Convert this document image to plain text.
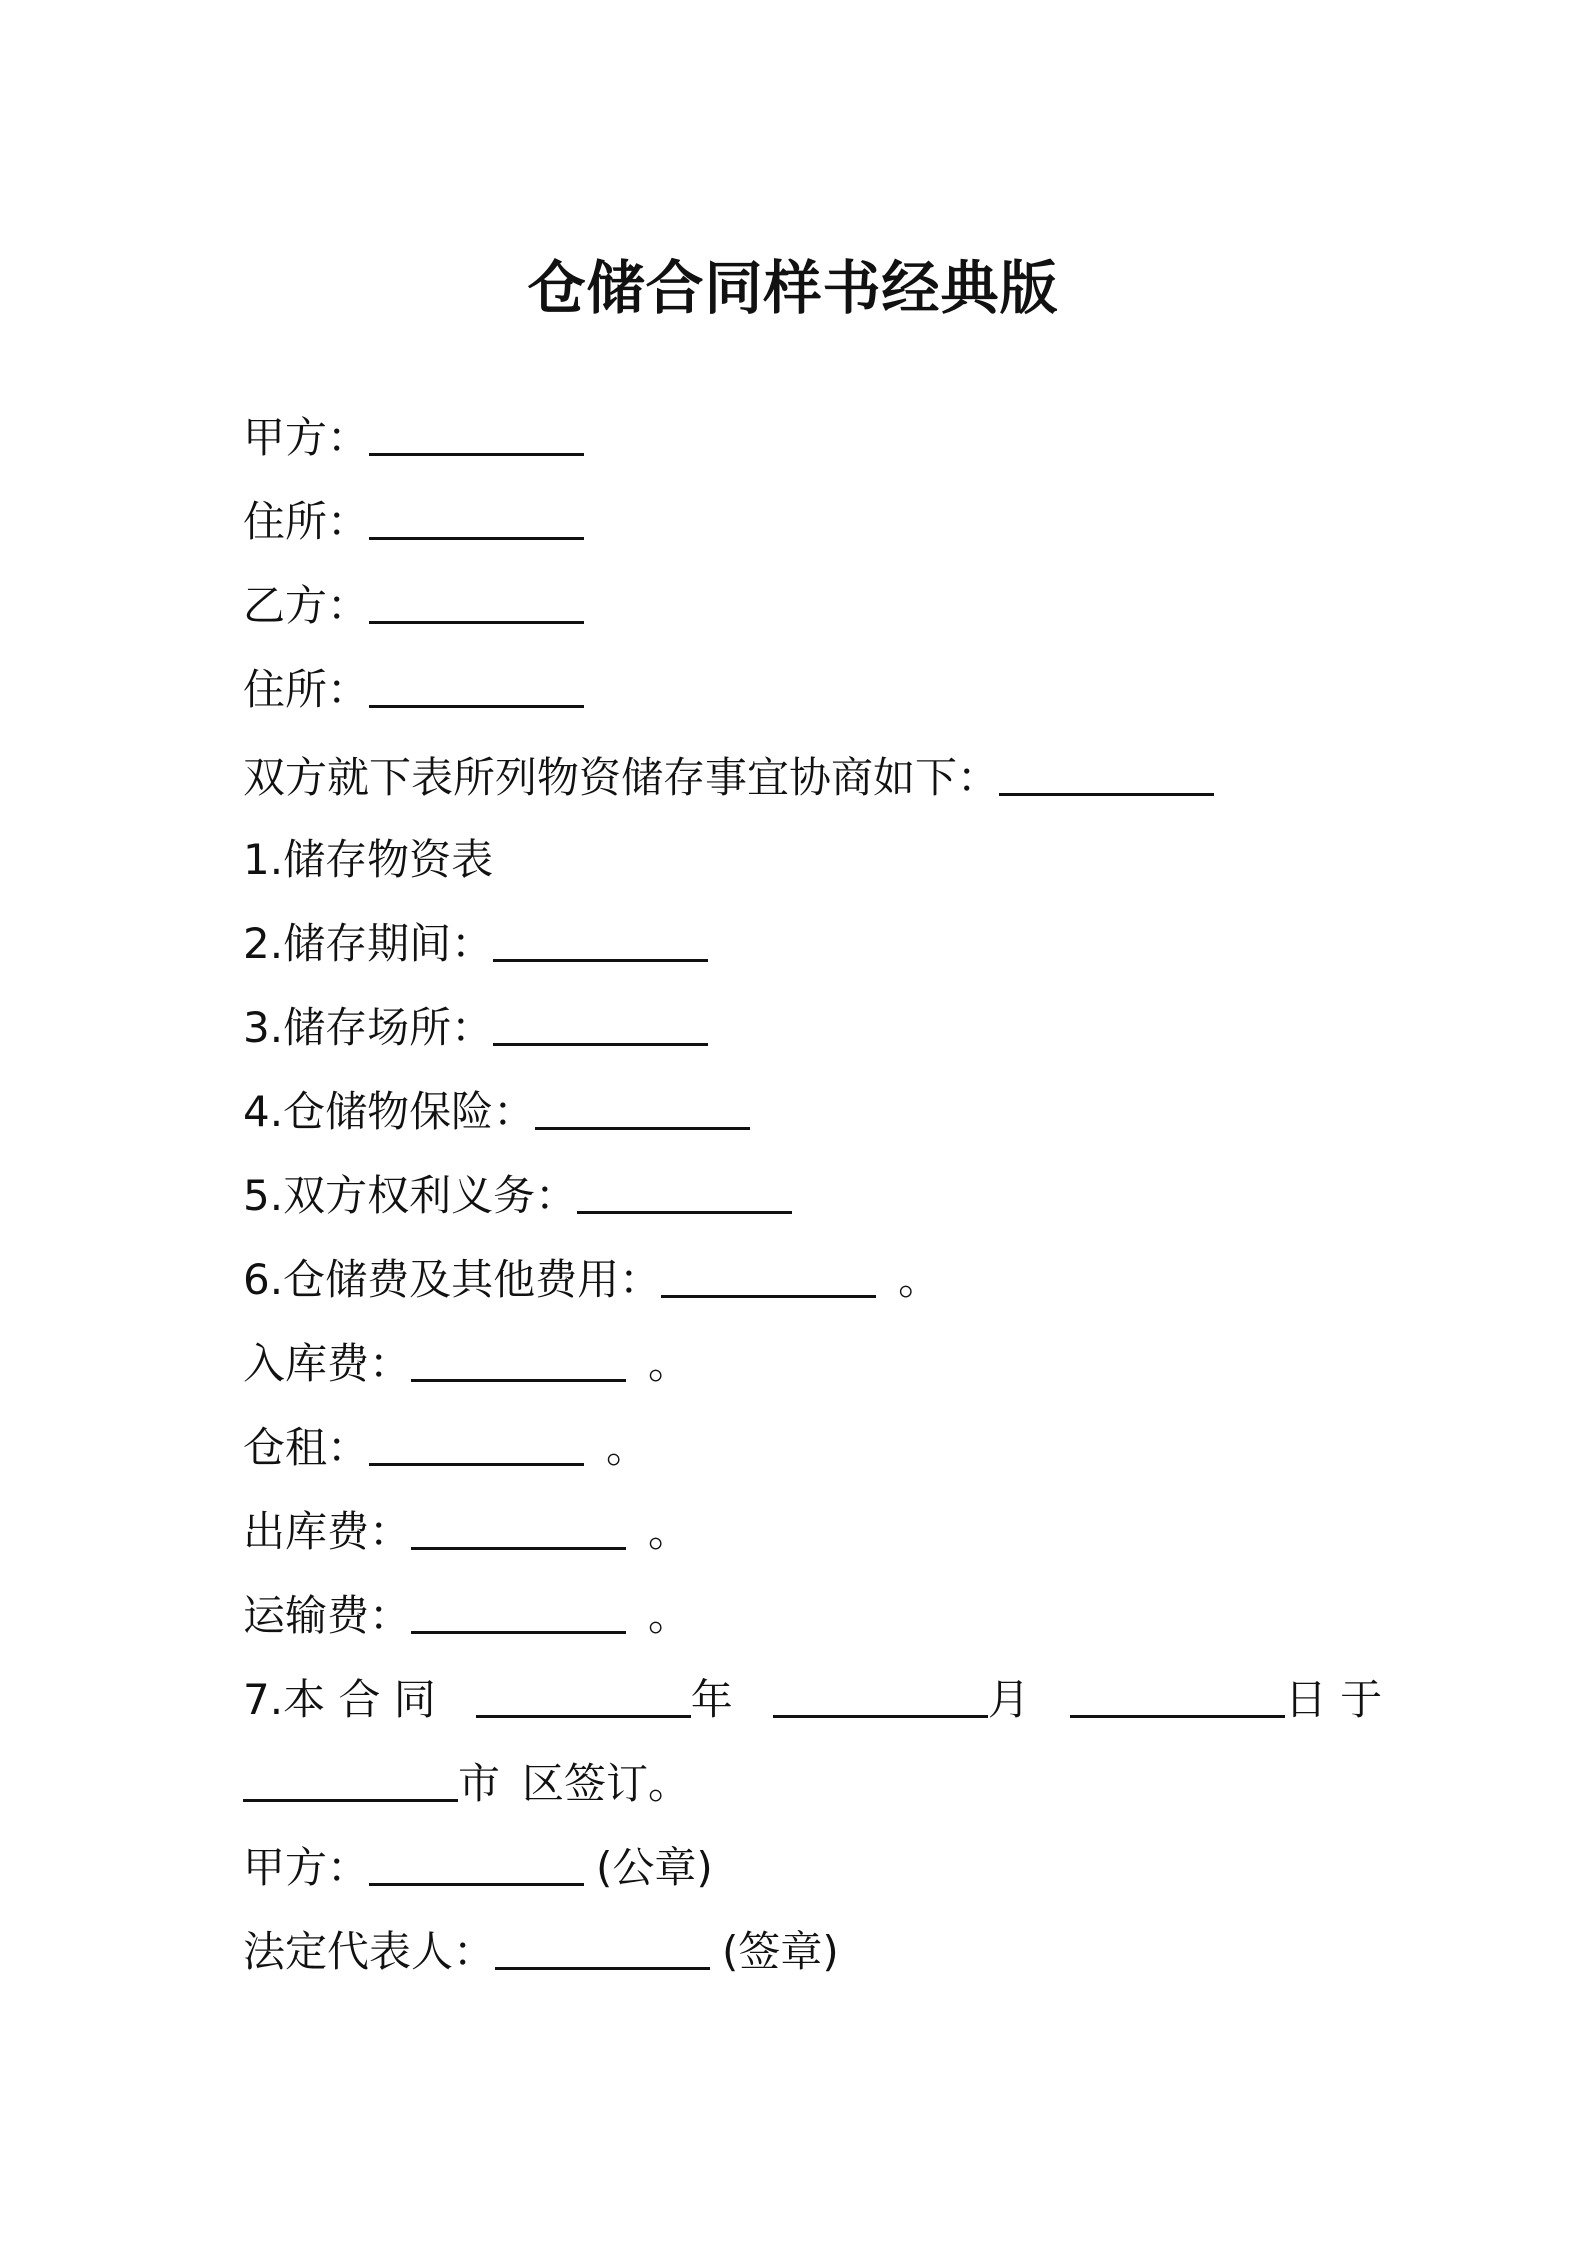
仓储合同样书经典版
甲方：
住所：
乙方：
住所：
双方就下表所列物资储存事宜协商如下：
1.储存物资表
2.储存期间：
3.储存场所：
4.仓储物保险：
5.双方权利义务：
6.仓储费及其他费用：	。
入库费：	。
仓租：	。
出库费：	。
运输费：	。
7.本 合 同	年	月	日 于
市 区签订。
甲方：	(公章)
法定代表人：	(签章)
